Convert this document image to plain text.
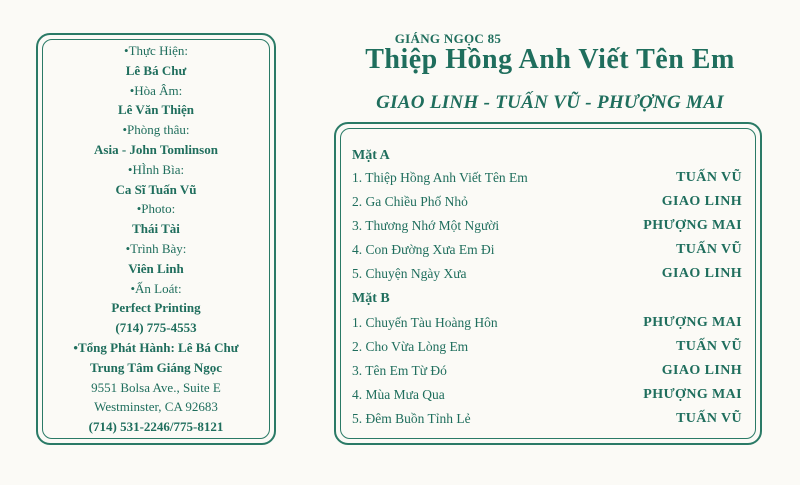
•Thực Hiện:
Lê Bá Chư
•Hòa Âm:
Lê Văn Thiện
•Phòng thâu:
Asia - John Tomlinson
•HÌnh Bìa:
Ca Sĩ Tuấn Vũ
•Photo:
Thái Tài
•Trình Bày:
Viên Linh
•Ấn Loát:
Perfect Printing
(714) 775-4553
•Tổng Phát Hành: Lê Bá Chư
Trung Tâm Giáng Ngọc
9551 Bolsa Ave., Suite E
Westminster, CA 92683
(714) 531-2246/775-8121
GIÁNG NGỌC 85
Thiệp Hồng Anh Viết Tên Em
GIAO LINH - TUẤN VŨ - PHƯỢNG MAI
Mặt A
1. Thiệp Hồng Anh Viết Tên Em	TUẤN VŨ
2. Ga Chiều Phố Nhỏ	GIAO LINH
3. Thương Nhớ Một Người	PHƯỢNG MAI
4. Con Đường Xưa Em Đi	TUẤN VŨ
5. Chuyện Ngày Xưa	GIAO LINH
Mặt B
1. Chuyến Tàu Hoàng Hôn	PHƯỢNG MAI
2. Cho Vừa Lòng Em	TUẤN VŨ
3. Tên Em Từ Đó	GIAO LINH
4. Mùa Mưa Qua	PHƯỢNG MAI
5. Đêm Buồn Tỉnh Lẻ	TUẤN VŨ
